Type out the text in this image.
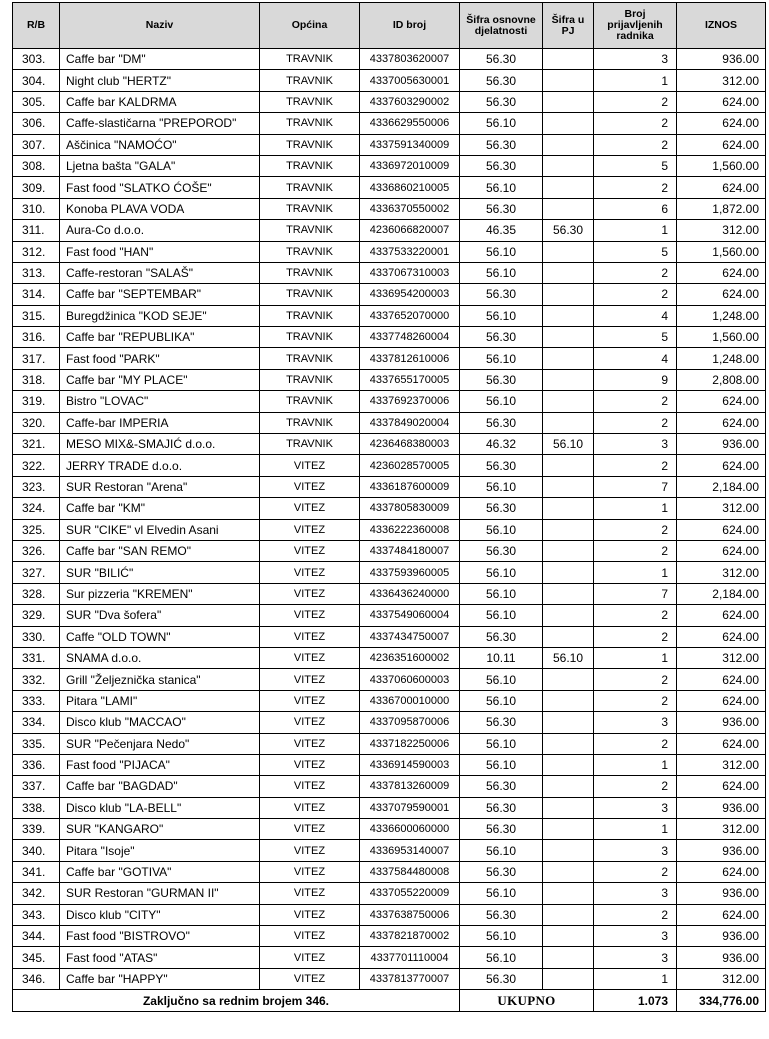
R/B	Naziv	Općina	ID broj	Šifra osnovne djelatnosti	Šifra u PJ	Broj prijavljenih radnika	IZNOS
303.	Caffe bar "DM"	TRAVNIK	4337803620007	56.30		3	936.00
304.	Night club "HERTZ"	TRAVNIK	4337005630001	56.30		1	312.00
305.	Caffe bar KALDRMA	TRAVNIK	4337603290002	56.30		2	624.00
306.	Caffe-slastičarna "PREPOROD"	TRAVNIK	4336629550006	56.10		2	624.00
307.	Aščinica "NAMOĆO"	TRAVNIK	4337591340009	56.30		2	624.00
308.	Ljetna bašta "GALA"	TRAVNIK	4336972010009	56.30		5	1,560.00
309.	Fast food "SLATKO ĆOŠE"	TRAVNIK	4336860210005	56.10		2	624.00
310.	Konoba PLAVA VODA	TRAVNIK	4336370550002	56.30		6	1,872.00
311.	Aura-Co d.o.o.	TRAVNIK	4236066820007	46.35	56.30	1	312.00
312.	Fast food "HAN"	TRAVNIK	4337533220001	56.10		5	1,560.00
313.	Caffe-restoran "SALAŠ"	TRAVNIK	4337067310003	56.10		2	624.00
314.	Caffe bar "SEPTEMBAR"	TRAVNIK	4336954200003	56.30		2	624.00
315.	Buregdžinica "KOD SEJE"	TRAVNIK	4337652070000	56.10		4	1,248.00
316.	Caffe bar "REPUBLIKA"	TRAVNIK	4337748260004	56.30		5	1,560.00
317.	Fast food "PARK"	TRAVNIK	4337812610006	56.10		4	1,248.00
318.	Caffe bar "MY PLACE"	TRAVNIK	4337655170005	56.30		9	2,808.00
319.	Bistro "LOVAC"	TRAVNIK	4337692370006	56.10		2	624.00
320.	Caffe-bar IMPERIA	TRAVNIK	4337849020004	56.30		2	624.00
321.	MESO MIX&-SMAJIĆ d.o.o.	TRAVNIK	4236468380003	46.32	56.10	3	936.00
322.	JERRY TRADE d.o.o.	VITEZ	4236028570005	56.30		2	624.00
323.	SUR Restoran "Arena"	VITEZ	4336187600009	56.10		7	2,184.00
324.	Caffe bar "KM"	VITEZ	4337805830009	56.30		1	312.00
325.	SUR "CIKE" vl Elvedin Asani	VITEZ	4336222360008	56.10		2	624.00
326.	Caffe bar "SAN REMO"	VITEZ	4337484180007	56.30		2	624.00
327.	SUR "BILIĆ"	VITEZ	4337593960005	56.10		1	312.00
328.	Sur pizzeria "KREMEN"	VITEZ	4336436240000	56.10		7	2,184.00
329.	SUR "Dva šofera"	VITEZ	4337549060004	56.10		2	624.00
330.	Caffe "OLD TOWN"	VITEZ	4337434750007	56.30		2	624.00
331.	SNAMA d.o.o.	VITEZ	4236351600002	10.11	56.10	1	312.00
332.	Grill "Željeznička stanica"	VITEZ	4337060600003	56.10		2	624.00
333.	Pitara "LAMI"	VITEZ	4336700010000	56.10		2	624.00
334.	Disco klub "MACCAO"	VITEZ	4337095870006	56.30		3	936.00
335.	SUR "Pečenjara Nedo"	VITEZ	4337182250006	56.10		2	624.00
336.	Fast food "PIJACA"	VITEZ	4336914590003	56.10		1	312.00
337.	Caffe bar "BAGDAD"	VITEZ	4337813260009	56.30		2	624.00
338.	Disco klub "LA-BELL"	VITEZ	4337079590001	56.30		3	936.00
339.	SUR "KANGARO"	VITEZ	4336600060000	56.30		1	312.00
340.	Pitara "Isoje"	VITEZ	4336953140007	56.10		3	936.00
341.	Caffe bar "GOTIVA"	VITEZ	4337584480008	56.30		2	624.00
342.	SUR Restoran "GURMAN II"	VITEZ	4337055220009	56.10		3	936.00
343.	Disco klub "CITY"	VITEZ	4337638750006	56.30		2	624.00
344.	Fast food "BISTROVO"	VITEZ	4337821870002	56.10		3	936.00
345.	Fast food "ATAS"	VITEZ	4337701110004	56.10		3	936.00
346.	Caffe bar "HAPPY"	VITEZ	4337813770007	56.30		1	312.00
Zaključno sa rednim brojem 346.				UKUPNO		1.073	334,776.00
